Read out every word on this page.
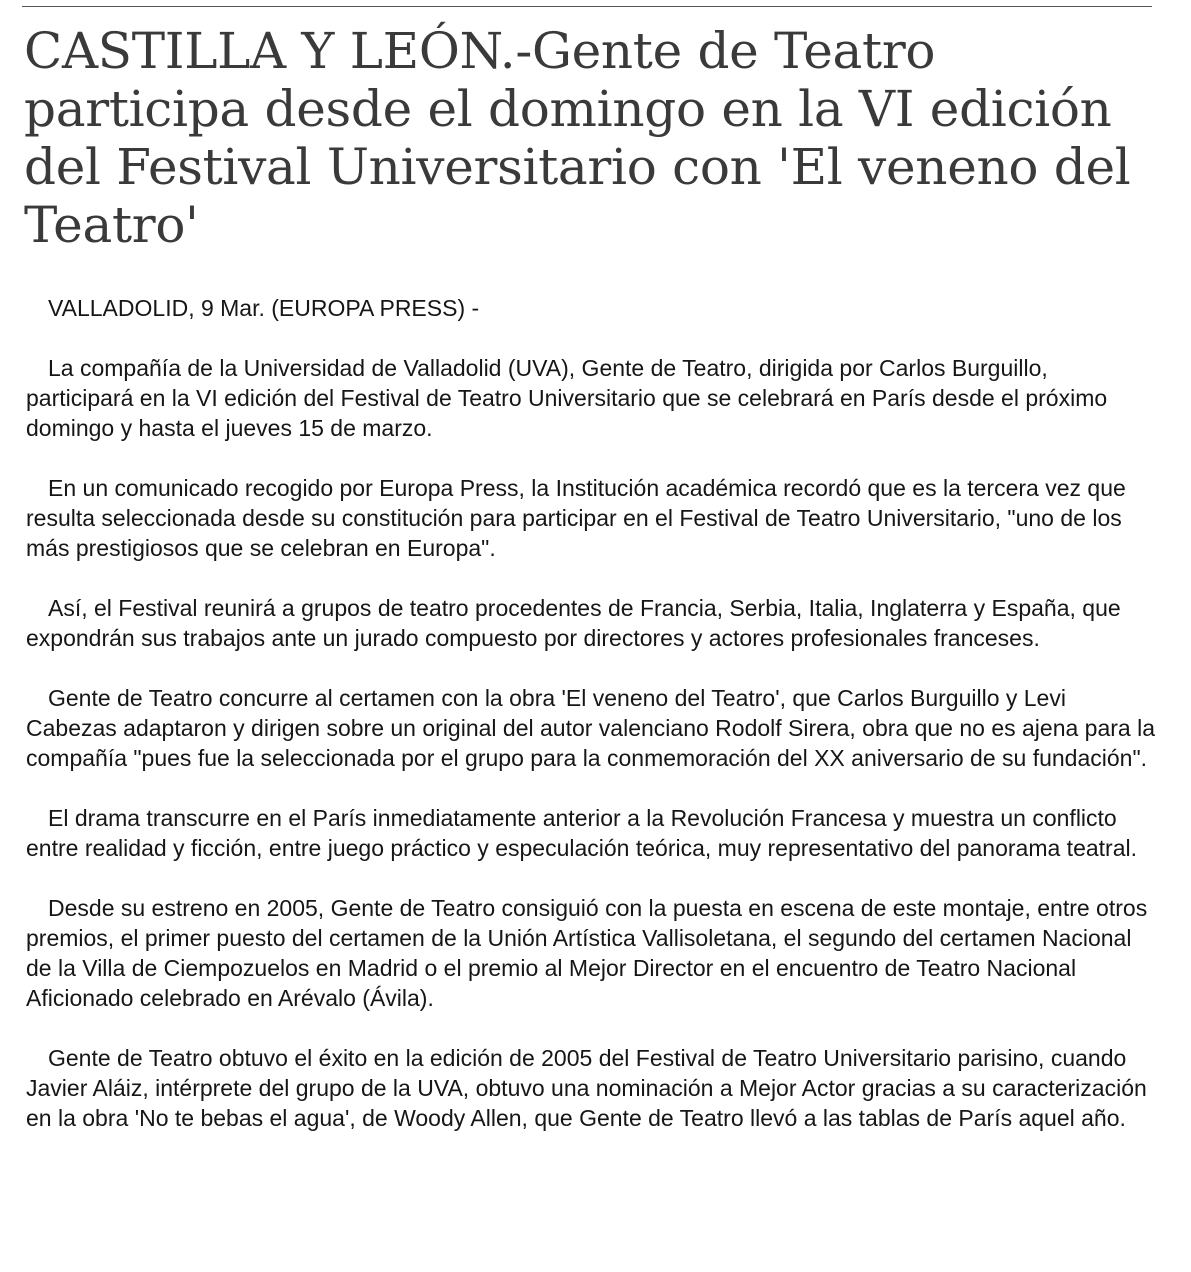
CASTILLA Y LEÓN.-Gente de Teatro participa desde el domingo en la VI edición del Festival Universitario con 'El veneno del Teatro'

VALLADOLID, 9 Mar. (EUROPA PRESS) -

La compañía de la Universidad de Valladolid (UVA), Gente de Teatro, dirigida por Carlos Burguillo, participará en la VI edición del Festival de Teatro Universitario que se celebrará en París desde el próximo domingo y hasta el jueves 15 de marzo.

En un comunicado recogido por Europa Press, la Institución académica recordó que es la tercera vez que resulta seleccionada desde su constitución para participar en el Festival de Teatro Universitario, "uno de los más prestigiosos que se celebran en Europa".

Así, el Festival reunirá a grupos de teatro procedentes de Francia, Serbia, Italia, Inglaterra y España, que expondrán sus trabajos ante un jurado compuesto por directores y actores profesionales franceses.

Gente de Teatro concurre al certamen con la obra 'El veneno del Teatro', que Carlos Burguillo y Levi Cabezas adaptaron y dirigen sobre un original del autor valenciano Rodolf Sirera, obra que no es ajena para la compañía "pues fue la seleccionada por el grupo para la conmemoración del XX aniversario de su fundación".

El drama transcurre en el París inmediatamente anterior a la Revolución Francesa y muestra un conflicto entre realidad y ficción, entre juego práctico y especulación teórica, muy representativo del panorama teatral.

Desde su estreno en 2005, Gente de Teatro consiguió con la puesta en escena de este montaje, entre otros premios, el primer puesto del certamen de la Unión Artística Vallisoletana, el segundo del certamen Nacional de la Villa de Ciempozuelos en Madrid o el premio al Mejor Director en el encuentro de Teatro Nacional Aficionado celebrado en Arévalo (Ávila).

Gente de Teatro obtuvo el éxito en la edición de 2005 del Festival de Teatro Universitario parisino, cuando Javier Aláiz, intérprete del grupo de la UVA, obtuvo una nominación a Mejor Actor gracias a su caracterización en la obra 'No te bebas el agua', de Woody Allen, que Gente de Teatro llevó a las tablas de París aquel año.
